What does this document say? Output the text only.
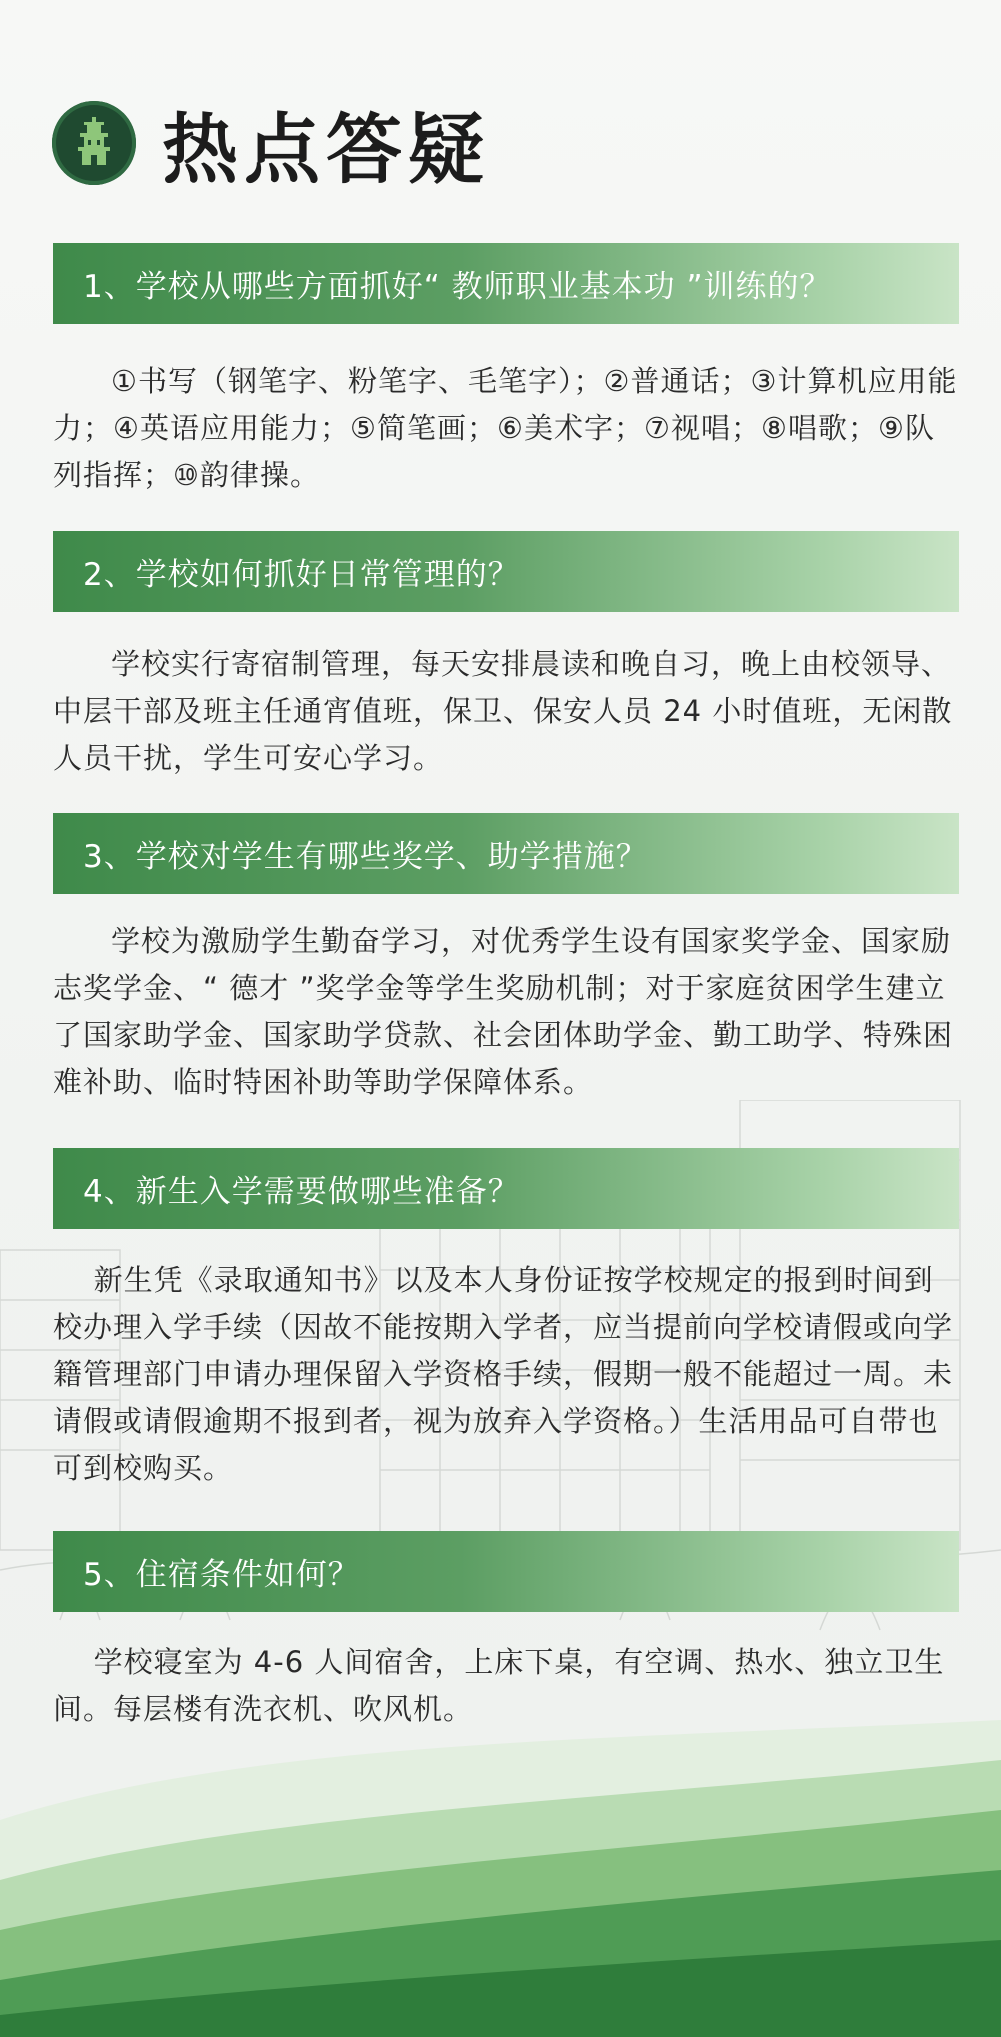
热点答疑
1、学校从哪些方面抓好“ 教师职业基本功 ”训练的？

①书写（钢笔字、粉笔字、毛笔字）；②普通话；③计算机应用能力；④英语应用能力；⑤简笔画；⑥美术字；⑦视唱；⑧唱歌；⑨队列指挥；⑩韵律操。

2、学校如何抓好日常管理的？

学校实行寄宿制管理，每天安排晨读和晚自习，晚上由校领导、中层干部及班主任通宵值班，保卫、保安人员 24 小时值班，无闲散人员干扰，学生可安心学习。

3、学校对学生有哪些奖学、助学措施？

学校为激励学生勤奋学习，对优秀学生设有国家奖学金、国家励志奖学金、“ 德才 ”奖学金等学生奖励机制；对于家庭贫困学生建立了国家助学金、国家助学贷款、社会团体助学金、勤工助学、特殊困难补助、临时特困补助等助学保障体系。

4、新生入学需要做哪些准备？

新生凭《录取通知书》以及本人身份证按学校规定的报到时间到校办理入学手续（因故不能按期入学者，应当提前向学校请假或向学籍管理部门申请办理保留入学资格手续，假期一般不能超过一周。未请假或请假逾期不报到者，视为放弃入学资格。）生活用品可自带也可到校购买。

5、住宿条件如何？

学校寝室为 4-6 人间宿舍，上床下桌，有空调、热水、独立卫生间。每层楼有洗衣机、吹风机。
